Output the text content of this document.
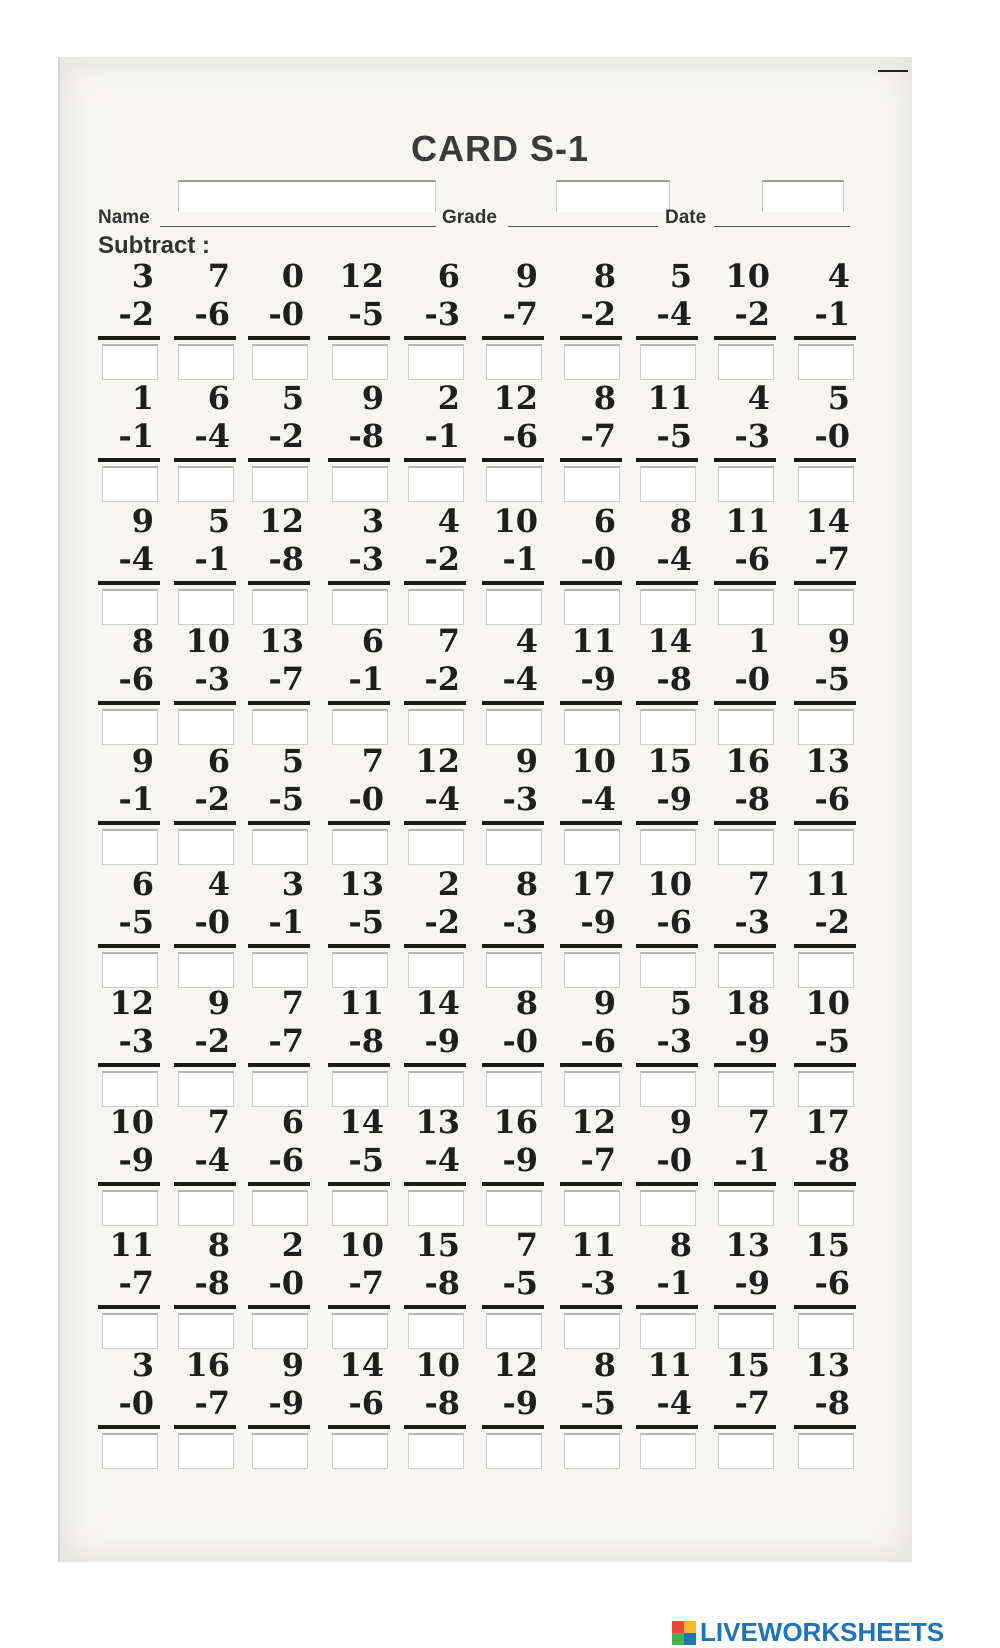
CARD S-1
Name	Grade	Date
Subtract :
3
-2
7
-6
0
-0
12
-5
6
-3
9
-7
8
-2
5
-4
10
-2
4
-1
1
-1
6
-4
5
-2
9
-8
2
-1
12
-6
8
-7
11
-5
4
-3
5
-0
9
-4
5
-1
12
-8
3
-3
4
-2
10
-1
6
-0
8
-4
11
-6
14
-7
8
-6
10
-3
13
-7
6
-1
7
-2
4
-4
11
-9
14
-8
1
-0
9
-5
9
-1
6
-2
5
-5
7
-0
12
-4
9
-3
10
-4
15
-9
16
-8
13
-6
6
-5
4
-0
3
-1
13
-5
2
-2
8
-3
17
-9
10
-6
7
-3
11
-2
12
-3
9
-2
7
-7
11
-8
14
-9
8
-0
9
-6
5
-3
18
-9
10
-5
10
-9
7
-4
6
-6
14
-5
13
-4
16
-9
12
-7
9
-0
7
-1
17
-8
11
-7
8
-8
2
-0
10
-7
15
-8
7
-5
11
-3
8
-1
13
-9
15
-6
3
-0
16
-7
9
-9
14
-6
10
-8
12
-9
8
-5
11
-4
15
-7
13
-8
LIVEWORKSHEETS
